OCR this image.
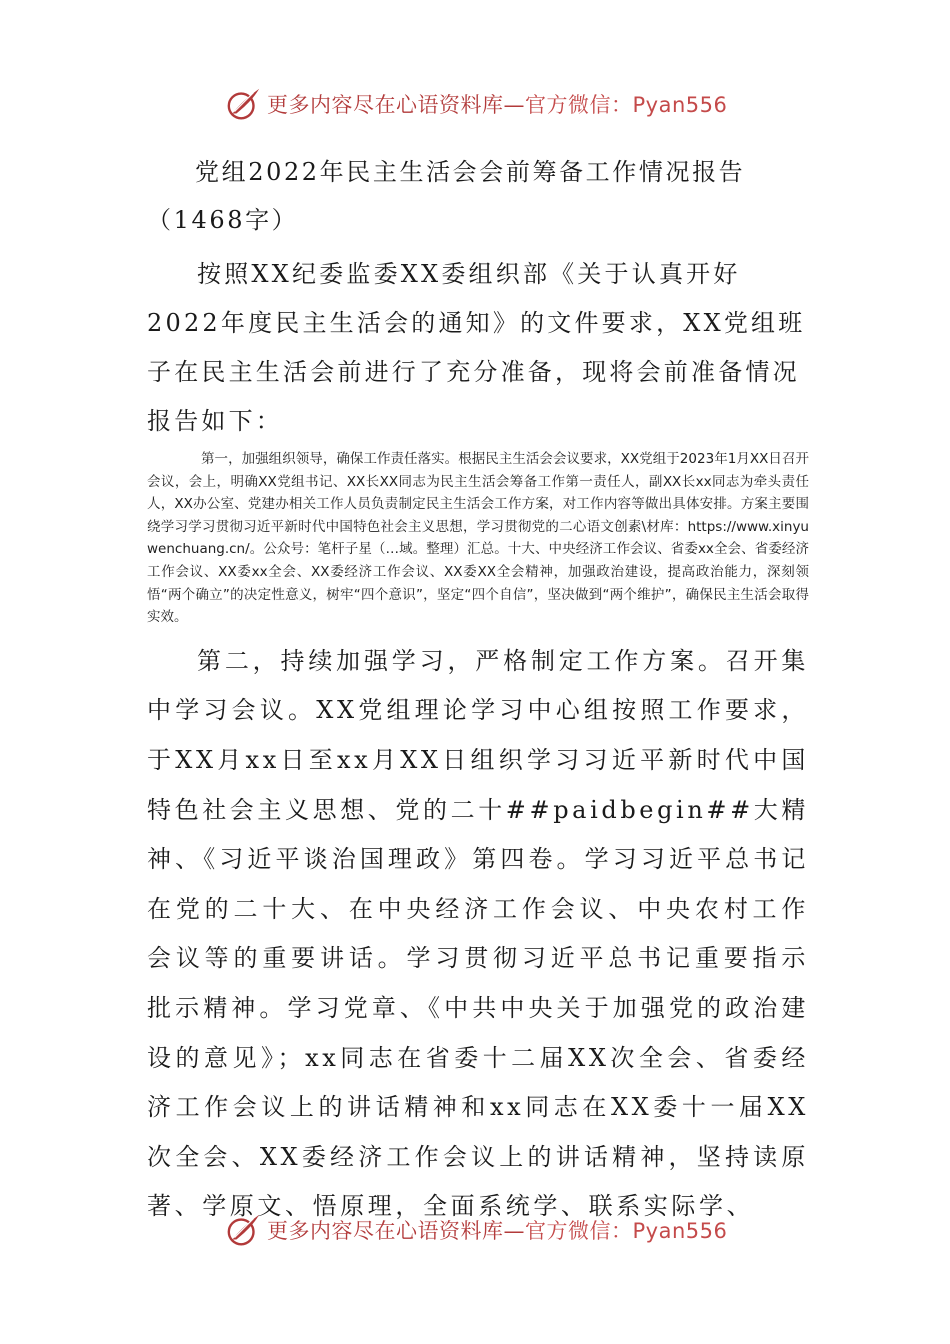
更多内容尽在心语资料库—官方微信：Pyan556

党组2022年民主生活会会前筹备工作情况报告（1468字）

按照XX纪委监委XX委组织部《关于认真开好2022年度民主生活会的通知》的文件要求，XX党组班子在民主生活会前进行了充分准备，现将会前准备情况报告如下：

第一，加强组织领导，确保工作责任落实。根据民主生活会会议要求，XX党组于2023年1月XX日召开会议，会上，明确XX党组书记、XX长XX同志为民主生活会筹备工作第一责任人，副XX长xx同志为牵头责任人，XX办公室、党建办相关工作人员负责制定民主生活会工作方案，对工作内容等做出具体安排。方案主要围绕学习学习贯彻习近平新时代中国特色社会主义思想，学习贯彻党的二心语文创素\材库：https://www.xinyuwenchuang.cn/。公众号：笔杆子星（…域。整理）汇总。十大、中央经济工作会议、省委xx全会、省委经济工作会议、XX委xx全会、XX委经济工作会议、XX委XX全会精神，加强政治建设，提高政治能力，深刻领悟“两个确立”的决定性意义，树牢“四个意识”，坚定“四个自信”，坚决做到“两个维护”，确保民主生活会取得实效。

第二，持续加强学习，严格制定工作方案。召开集中学习会议。XX党组理论学习中心组按照工作要求，于XX月xx日至xx月XX日组织学习习近平新时代中国特色社会主义思想、党的二十##paidbegin##大精神、《习近平谈治国理政》第四卷。学习习近平总书记在党的二十大、在中央经济工作会议、中央农村工作会议等的重要讲话。学习贯彻习近平总书记重要指示批示精神。学习党章、《中共中央关于加强党的政治建设的意见》；xx同志在省委十二届XX次全会、省委经济工作会议上的讲话精神和xx同志在XX委十一届XX次全会、XX委经济工作会议上的讲话精神，坚持读原著、学原文、悟原理，全面系统学、联系实际学、

更多内容尽在心语资料库—官方微信：Pyan556
